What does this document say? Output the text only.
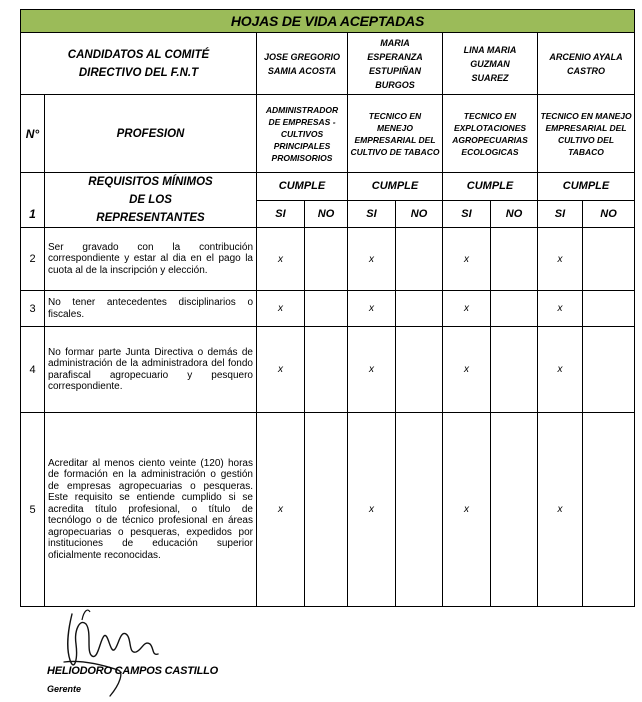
HOJAS DE VIDA ACEPTADAS									
CANDIDATOS AL COMITÉ DIRECTIVO DEL F.N.T		JOSE GREGORIO SAMIA ACOSTA		MARIA ESPERANZA ESTUPIÑAN BURGOS		LINA MARIA GUZMAN SUAREZ		ARCENIO AYALA CASTRO	
N°	PROFESION	ADMINISTRADOR DE EMPRESAS - CULTIVOS PRINCIPALES PROMISORIOS		TECNICO EN MENEJO EMPRESARIAL DEL CULTIVO DE TABACO		TECNICO EN EXPLOTACIONES AGROPECUARIAS ECOLOGICAS		TECNICO EN MANEJO EMPRESARIAL DEL CULTIVO DEL TABACO	
	REQUISITOS MÍNIMOS DE LOS REPRESENTANTES	CUMPLE		CUMPLE		CUMPLE		CUMPLE	
1		SI	NO	SI	NO	SI	NO	SI	NO
2	Ser gravado con la contribución correspondiente y estar al dia en el pago la cuota al de la inscripción y elección.	x		x		x		x	
3	No tener antecedentes disciplinarios o fiscales.	x		x		x		x	
4	No formar parte Junta Directiva o demás de administración de la administradora del fondo parafiscal agropecuario y pesquero correspondiente.	x		x		x		x	
5	Acreditar al menos ciento veinte (120) horas de formación en la administración o gestión de empresas agropecuarias o pesqueras. Este requisito se entiende cumplido si se acredita título profesional, o título de tecnólogo o de técnico profesional en áreas agropecuarias o pesqueras, expedidos por instituciones de educación superior oficialmente reconocidas.	x		x		x		x	
HELIODORO CAMPOS CASTILLO
Gerente
